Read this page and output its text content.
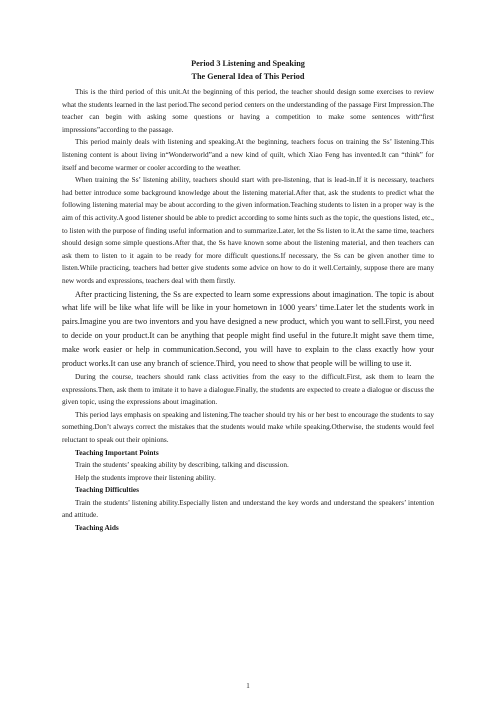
Period 3 Listening and Speaking

The General Idea of This Period

This is the third period of this unit.At the beginning of this period, the teacher should design some exercises to review what the students learned in the last period.The second period centers on the understanding of the passage First Impression.The teacher can begin with asking some questions or having a competition to make some sentences with“first impressions”according to the passage.

This period mainly deals with listening and speaking.At the beginning, teachers focus on training the Ss’ listening.This listening content is about living in“Wonderworld”and a new kind of quilt, which Xiao Feng has invented.It can “think” for itself and become warmer or cooler according to the weather.

When training the Ss’ listening ability, teachers should start with pre-listening, that is lead-in.If it is necessary, teachers had better introduce some background knowledge about the listening material.After that, ask the students to predict what the following listening material may be about according to the given information.Teaching students to listen in a proper way is the aim of this activity.A good listener should be able to predict according to some hints such as the topic, the questions listed, etc., to listen with the purpose of finding useful information and to summarize.Later, let the Ss listen to it.At the same time, teachers should design some simple questions.After that, the Ss have known some about the listening material, and then teachers can ask them to listen to it again to be ready for more difficult questions.If necessary, the Ss can be given another time to listen.While practicing, teachers had better give students some advice on how to do it well.Certainly, suppose there are many new words and expressions, teachers deal with them firstly.

After practicing listening, the Ss are expected to learn some expressions about imagination. The topic is about what life will be like what life will be like in your hometown in 1000 years’ time.Later let the students work in pairs.Imagine you are two inventors and you have designed a new product, which you want to sell.First, you need to decide on your product.It can be anything that people might find useful in the future.It might save them time, make work easier or help in communication.Second, you will have to explain to the class exactly how your product works.It can use any branch of science.Third, you need to show that people will be willing to use it.

During the course, teachers should rank class activities from the easy to the difficult.First, ask them to learn the expressions.Then, ask them to imitate it to have a dialogue.Finally, the students are expected to create a dialogue or discuss the given topic, using the expressions about imagination.

This period lays emphasis on speaking and listening.The teacher should try his or her best to encourage the students to say something.Don’t always correct the mistakes that the students would make while speaking.Otherwise, the students would feel reluctant to speak out their opinions.

Teaching Important Points

Train the students’ speaking ability by describing, talking and discussion.

Help the students improve their listening ability.

Teaching Difficulties

Train the students’ listening ability.Especially listen and understand the key words and understand the speakers’ intention and attitude.

Teaching Aids

1
